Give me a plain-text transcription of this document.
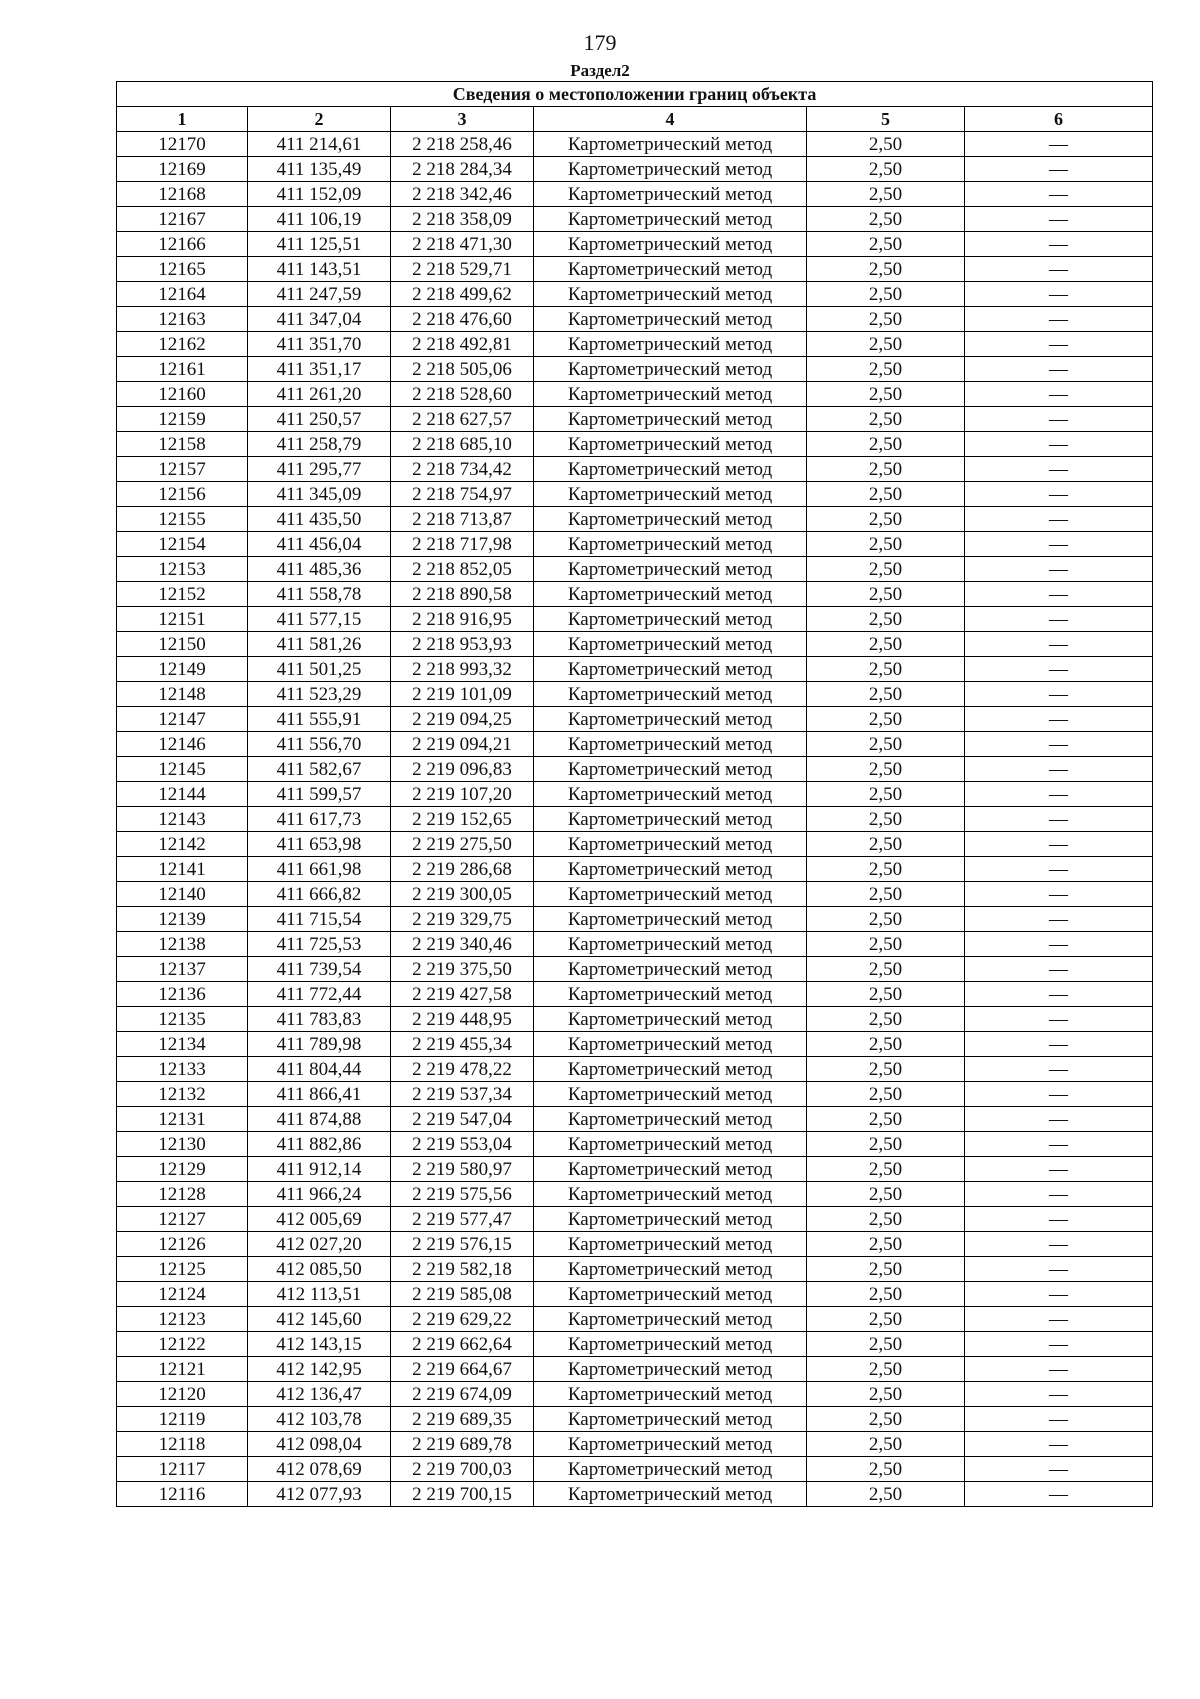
179
Раздел2
Сведения о местоположении границ объекта					
1	2	3	4	5	6
12170	411 214,61	2 218 258,46	Картометрический метод	2,50	—
12169	411 135,49	2 218 284,34	Картометрический метод	2,50	—
12168	411 152,09	2 218 342,46	Картометрический метод	2,50	—
12167	411 106,19	2 218 358,09	Картометрический метод	2,50	—
12166	411 125,51	2 218 471,30	Картометрический метод	2,50	—
12165	411 143,51	2 218 529,71	Картометрический метод	2,50	—
12164	411 247,59	2 218 499,62	Картометрический метод	2,50	—
12163	411 347,04	2 218 476,60	Картометрический метод	2,50	—
12162	411 351,70	2 218 492,81	Картометрический метод	2,50	—
12161	411 351,17	2 218 505,06	Картометрический метод	2,50	—
12160	411 261,20	2 218 528,60	Картометрический метод	2,50	—
12159	411 250,57	2 218 627,57	Картометрический метод	2,50	—
12158	411 258,79	2 218 685,10	Картометрический метод	2,50	—
12157	411 295,77	2 218 734,42	Картометрический метод	2,50	—
12156	411 345,09	2 218 754,97	Картометрический метод	2,50	—
12155	411 435,50	2 218 713,87	Картометрический метод	2,50	—
12154	411 456,04	2 218 717,98	Картометрический метод	2,50	—
12153	411 485,36	2 218 852,05	Картометрический метод	2,50	—
12152	411 558,78	2 218 890,58	Картометрический метод	2,50	—
12151	411 577,15	2 218 916,95	Картометрический метод	2,50	—
12150	411 581,26	2 218 953,93	Картометрический метод	2,50	—
12149	411 501,25	2 218 993,32	Картометрический метод	2,50	—
12148	411 523,29	2 219 101,09	Картометрический метод	2,50	—
12147	411 555,91	2 219 094,25	Картометрический метод	2,50	—
12146	411 556,70	2 219 094,21	Картометрический метод	2,50	—
12145	411 582,67	2 219 096,83	Картометрический метод	2,50	—
12144	411 599,57	2 219 107,20	Картометрический метод	2,50	—
12143	411 617,73	2 219 152,65	Картометрический метод	2,50	—
12142	411 653,98	2 219 275,50	Картометрический метод	2,50	—
12141	411 661,98	2 219 286,68	Картометрический метод	2,50	—
12140	411 666,82	2 219 300,05	Картометрический метод	2,50	—
12139	411 715,54	2 219 329,75	Картометрический метод	2,50	—
12138	411 725,53	2 219 340,46	Картометрический метод	2,50	—
12137	411 739,54	2 219 375,50	Картометрический метод	2,50	—
12136	411 772,44	2 219 427,58	Картометрический метод	2,50	—
12135	411 783,83	2 219 448,95	Картометрический метод	2,50	—
12134	411 789,98	2 219 455,34	Картометрический метод	2,50	—
12133	411 804,44	2 219 478,22	Картометрический метод	2,50	—
12132	411 866,41	2 219 537,34	Картометрический метод	2,50	—
12131	411 874,88	2 219 547,04	Картометрический метод	2,50	—
12130	411 882,86	2 219 553,04	Картометрический метод	2,50	—
12129	411 912,14	2 219 580,97	Картометрический метод	2,50	—
12128	411 966,24	2 219 575,56	Картометрический метод	2,50	—
12127	412 005,69	2 219 577,47	Картометрический метод	2,50	—
12126	412 027,20	2 219 576,15	Картометрический метод	2,50	—
12125	412 085,50	2 219 582,18	Картометрический метод	2,50	—
12124	412 113,51	2 219 585,08	Картометрический метод	2,50	—
12123	412 145,60	2 219 629,22	Картометрический метод	2,50	—
12122	412 143,15	2 219 662,64	Картометрический метод	2,50	—
12121	412 142,95	2 219 664,67	Картометрический метод	2,50	—
12120	412 136,47	2 219 674,09	Картометрический метод	2,50	—
12119	412 103,78	2 219 689,35	Картометрический метод	2,50	—
12118	412 098,04	2 219 689,78	Картометрический метод	2,50	—
12117	412 078,69	2 219 700,03	Картометрический метод	2,50	—
12116	412 077,93	2 219 700,15	Картометрический метод	2,50	—
